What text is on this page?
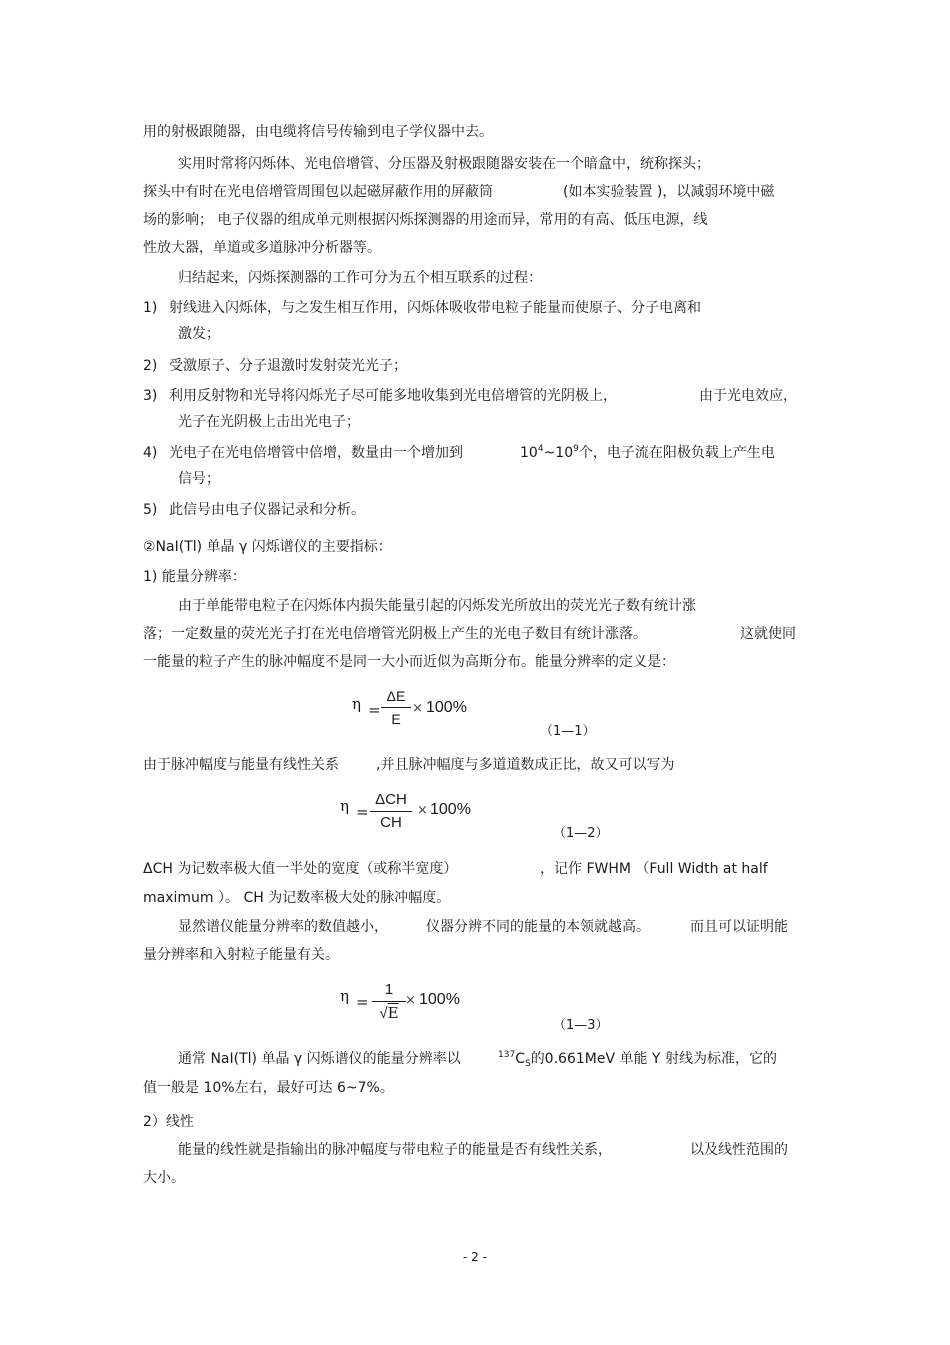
用的射极跟随器，由电缆将信号传输到电子学仪器中去。
实用时常将闪烁体、光电倍增管、分压器及射极跟随器安装在一个暗盒中，统称探头；
探头中有时在光电倍增管周围包以起磁屏蔽作用的屏蔽筒	(如本实验装置 )，以减弱环境中磁
场的影响； 电子仪器的组成单元则根据闪烁探测器的用途而异，常用的有高、低压电源，线
性放大器，单道或多道脉冲分析器等。
归结起来，闪烁探测器的工作可分为五个相互联系的过程：
1) 射线进入闪烁体，与之发生相互作用，闪烁体吸收带电粒子能量而使原子、分子电离和
激发；
2) 受激原子、分子退激时发射荧光光子；
3) 利用反射物和光导将闪烁光子尽可能多地收集到光电倍增管的光阴极上，	由于光电效应，
光子在光阴极上击出光电子；
4) 光电子在光电倍增管中倍增，数量由一个增加到	$10^4\sim 10^9$个，电子流在阳极负载上产生电
信号；
5) 此信号由电子仪器记录和分析。
②NaI(Tl) 单晶 γ 闪烁谱仪的主要指标：
1) 能量分辨率：
由于单能带电粒子在闪烁体内损失能量引起的闪烁发光所放出的荧光光子数有统计涨
落；一定数量的荧光光子打在光电倍增管光阴极上产生的光电子数目有统计涨落。	这就使同
一能量的粒子产生的脉冲幅度不是同一大小而近似为高斯分布。能量分辨率的定义是：
η =
ΔE
E
× 100%
（1—1）
由于脉冲幅度与能量有线性关系	,并且脉冲幅度与多道道数成正比，故又可以写为
η =
ΔCH
CH
× 100%
（1—2）
ΔCH 为记数率极大值一半处的宽度（或称半宽度）	，记作 FWHM （Full Width at half
maximum ）。 CH 为记数率极大处的脉冲幅度。
显然谱仪能量分辨率的数值越小，	仪器分辨不同的能量的本领就越高。	而且可以证明能
量分辨率和入射粒子能量有关。
η =
1
√E
× 100%
（1—3）
通常 NaI(Tl) 单晶 γ 闪烁谱仪的能量分辨率以	$^{137}C_S$的0.661MeV 单能 Y 射线为标准，它的
值一般是 10%左右，最好可达 6~7%。
2）线性
能量的线性就是指输出的脉冲幅度与带电粒子的能量是否有线性关系，	以及线性范围的
大小。
- 2 -
